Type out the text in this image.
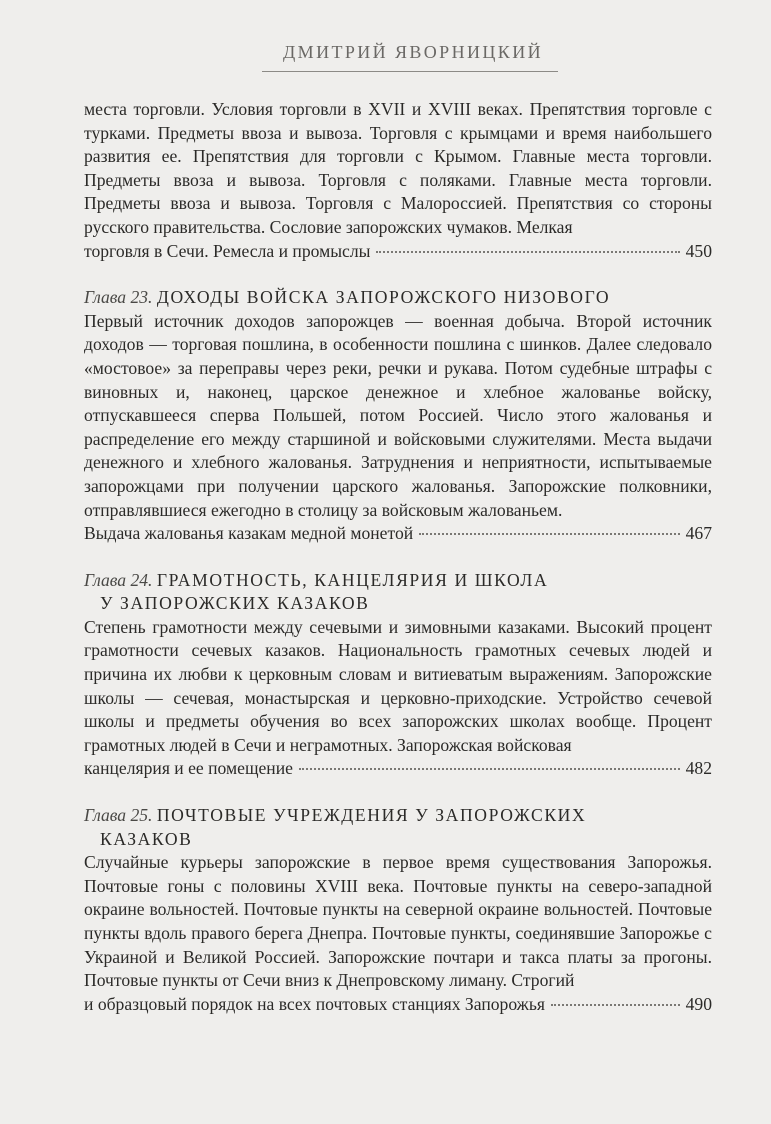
ДМИТРИЙ ЯВОРНИЦКИЙ

места торговли. Условия торговли в XVII и XVIII веках. Препятствия торговле с турками. Предметы ввоза и вывоза. Торговля с крымцами и время наибольшего развития ее. Препятствия для торговли с Крымом. Главные места торговли. Предметы ввоза и вывоза. Торговля с поляками. Главные места торговли. Предметы ввоза и вывоза. Торговля с Малороссией. Препятствия со стороны русского правительства. Сословие запорожских чумаков. Мелкая

торговля в Сечи. Ремесла и промыслы	450

Глава 23. ДОХОДЫ ВОЙСКА ЗАПОРОЖСКОГО НИЗОВОГО

Первый источник доходов запорожцев — военная добыча. Второй источник доходов — торговая пошлина, в особенности пошлина с шинков. Далее следовало «мостовое» за переправы через реки, речки и рукава. Потом судебные штрафы с виновных и, наконец, царское денежное и хлебное жалованье войску, отпускавшееся сперва Польшей, потом Россией. Число этого жалованья и распределение его между старшиной и войсковыми служителями. Места выдачи денежного и хлебного жалованья. Затруднения и неприятности, испытываемые запорожцами при получении царского жалованья. Запорожские полковники, отправлявшиеся ежегодно в столицу за войсковым жалованьем.

Выдача жалованья казакам медной монетой	467

Глава 24. ГРАМОТНОСТЬ, КАНЦЕЛЯРИЯ И ШКОЛА
У ЗАПОРОЖСКИХ КАЗАКОВ

Степень грамотности между сечевыми и зимовными казаками. Высокий процент грамотности сечевых казаков. Национальность грамотных сечевых людей и причина их любви к церковным словам и витиеватым выражениям. Запорожские школы — сечевая, монастырская и церковно-приходские. Устройство сечевой школы и предметы обучения во всех запорожских школах вообще. Процент грамотных людей в Сечи и неграмотных. Запорожская войсковая

канцелярия и ее помещение	482

Глава 25. ПОЧТОВЫЕ УЧРЕЖДЕНИЯ У ЗАПОРОЖСКИХ
КАЗАКОВ

Случайные курьеры запорожские в первое время существования Запорожья. Почтовые гоны с половины XVIII века. Почтовые пункты на северо-западной окраине вольностей. Почтовые пункты на северной окраине вольностей. Почтовые пункты вдоль правого берега Днепра. Почтовые пункты, соединявшие Запорожье с Украиной и Великой Россией. Запорожские почтари и такса платы за прогоны. Почтовые пункты от Сечи вниз к Днепровскому лиману. Строгий

и образцовый порядок на всех почтовых станциях Запорожья	490
